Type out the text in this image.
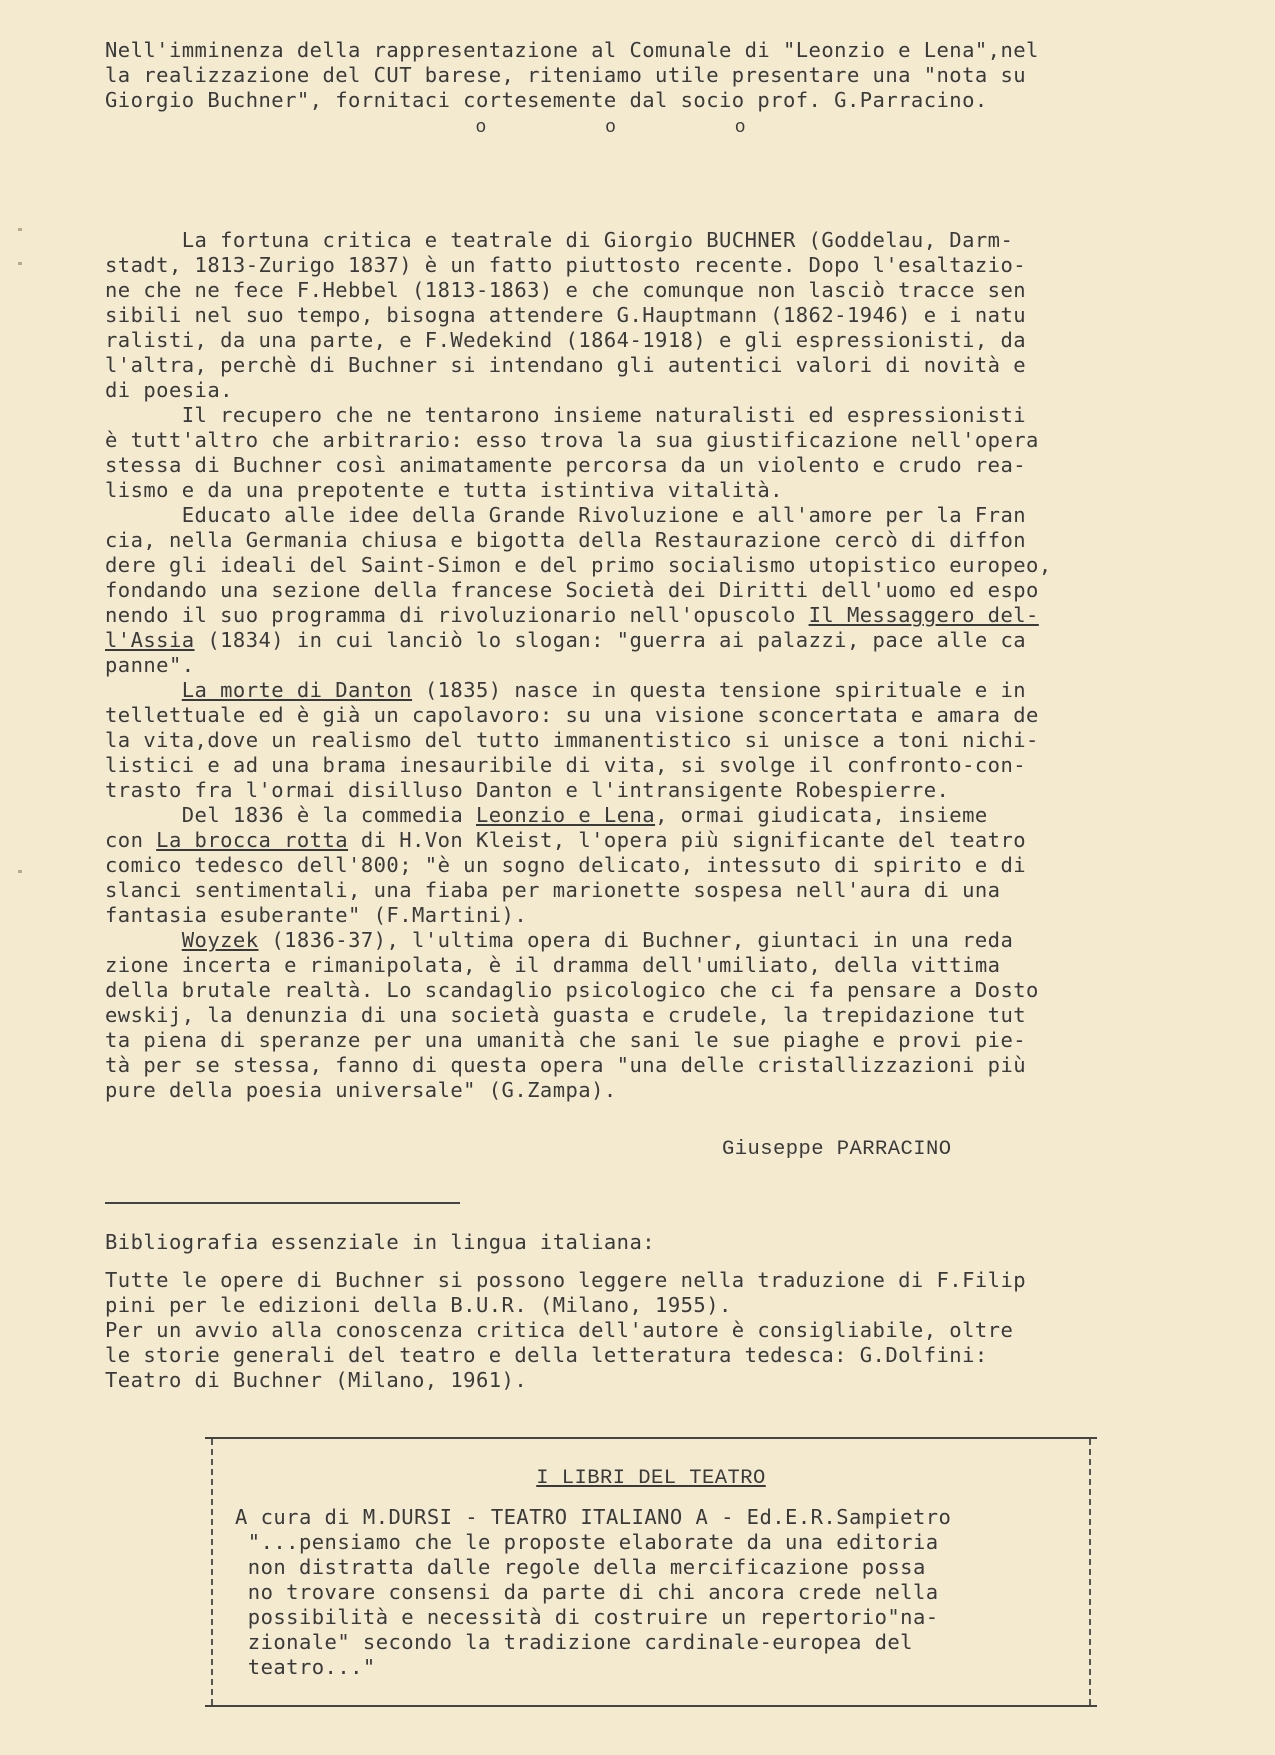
Nell'imminenza della rappresentazione al Comunale di "Leonzio e Lena",nel
la realizzazione del CUT barese, riteniamo utile presentare una "nota su
Giorgio Buchner", fornitaci cortesemente dal socio prof. G.Parracino.
o o o
La fortuna critica e teatrale di Giorgio BUCHNER (Goddelau, Darm-
stadt, 1813-Zurigo 1837) è un fatto piuttosto recente. Dopo l'esaltazio-
ne che ne fece F.Hebbel (1813-1863) e che comunque non lasciò tracce sen
sibili nel suo tempo, bisogna attendere G.Hauptmann (1862-1946) e i natu
ralisti, da una parte, e F.Wedekind (1864-1918) e gli espressionisti, da
l'altra, perchè di Buchner si intendano gli autentici valori di novità e
di poesia.
Il recupero che ne tentarono insieme naturalisti ed espressionisti
è tutt'altro che arbitrario: esso trova la sua giustificazione nell'opera
stessa di Buchner così animatamente percorsa da un violento e crudo rea-
lismo e da una prepotente e tutta istintiva vitalità.
Educato alle idee della Grande Rivoluzione e all'amore per la Fran
cia, nella Germania chiusa e bigotta della Restaurazione cercò di diffon
dere gli ideali del Saint-Simon e del primo socialismo utopistico europeo,
fondando una sezione della francese Società dei Diritti dell'uomo ed espo
nendo il suo programma di rivoluzionario nell'opuscolo Il Messaggero del-
l'Assia (1834) in cui lanciò lo slogan: "guerra ai palazzi, pace alle ca
panne".
La morte di Danton (1835) nasce in questa tensione spirituale e in
tellettuale ed è già un capolavoro: su una visione sconcertata e amara de
la vita,dove un realismo del tutto immanentistico si unisce a toni nichi-
listici e ad una brama inesauribile di vita, si svolge il confronto-con-
trasto fra l'ormai disilluso Danton e l'intransigente Robespierre.
Del 1836 è la commedia Leonzio e Lena, ormai giudicata, insieme
con La brocca rotta di H.Von Kleist, l'opera più significante del teatro
comico tedesco dell'800; "è un sogno delicato, intessuto di spirito e di
slanci sentimentali, una fiaba per marionette sospesa nell'aura di una
fantasia esuberante" (F.Martini).
Woyzek (1836-37), l'ultima opera di Buchner, giuntaci in una reda
zione incerta e rimanipolata, è il dramma dell'umiliato, della vittima
della brutale realtà. Lo scandaglio psicologico che ci fa pensare a Dosto
ewskij, la denunzia di una società guasta e crudele, la trepidazione tut
ta piena di speranze per una umanità che sani le sue piaghe e provi pie-
tà per se stessa, fanno di questa opera "una delle cristallizzazioni più
pure della poesia universale" (G.Zampa).
Giuseppe PARRACINO
Bibliografia essenziale in lingua italiana:
Tutte le opere di Buchner si possono leggere nella traduzione di F.Filip
pini per le edizioni della B.U.R. (Milano, 1955).
Per un avvio alla conoscenza critica dell'autore è consigliabile, oltre
le storie generali del teatro e della letteratura tedesca: G.Dolfini:
Teatro di Buchner (Milano, 1961).
I LIBRI DEL TEATRO
A cura di M.DURSI - TEATRO ITALIANO A - Ed.E.R.Sampietro
"...pensiamo che le proposte elaborate da una editoria
non distratta dalle regole della mercificazione possa
no trovare consensi da parte di chi ancora crede nella
possibilità e necessità di costruire un repertorio"na-
zionale" secondo la tradizione cardinale-europea del
teatro..."
